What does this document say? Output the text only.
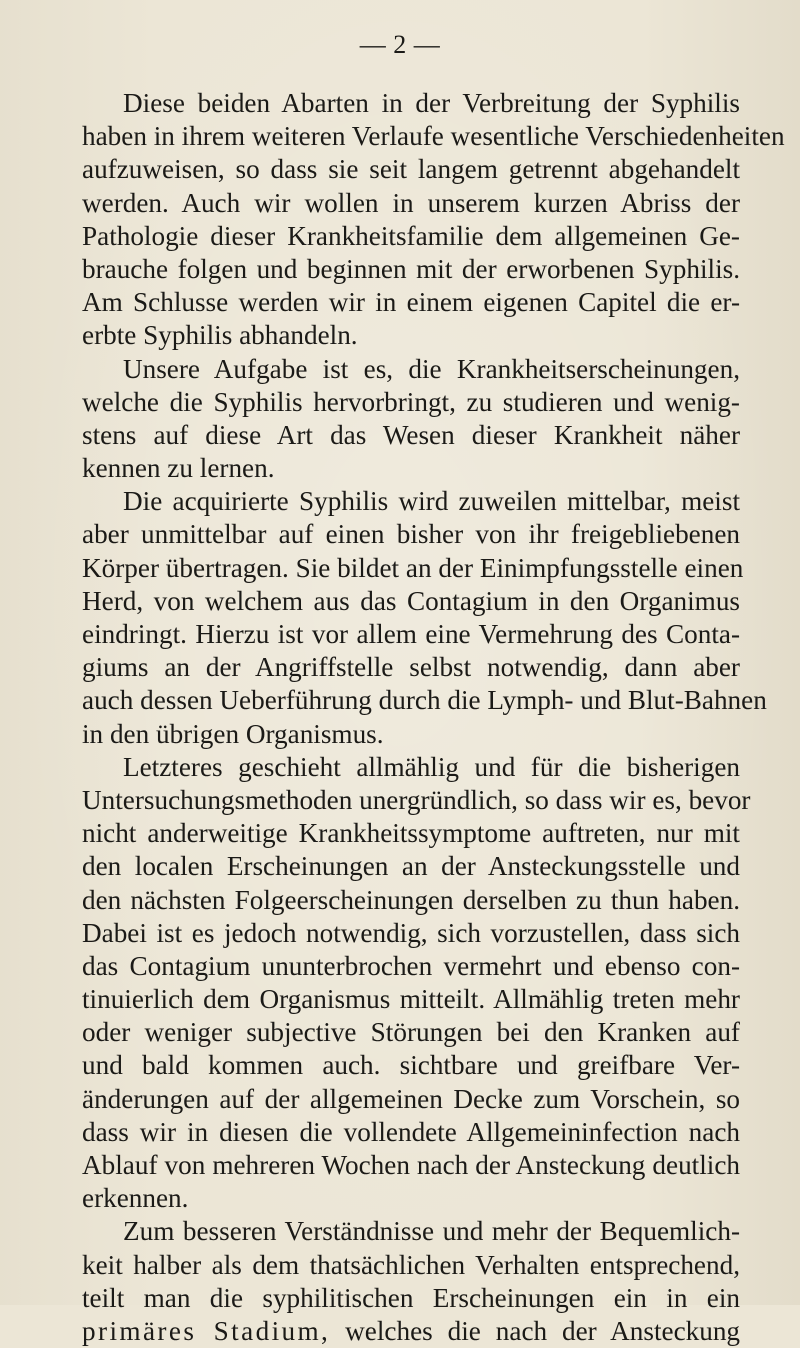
— 2 —
Diese beiden Abarten in der Verbreitung der Syphilis
haben in ihrem weiteren Verlaufe wesentliche Verschiedenheiten
aufzuweisen, so dass sie seit langem getrennt abgehandelt
werden. Auch wir wollen in unserem kurzen Abriss der
Pathologie dieser Krankheitsfamilie dem allgemeinen Ge-
brauche folgen und beginnen mit der erworbenen Syphilis.
Am Schlusse werden wir in einem eigenen Capitel die er-
erbte Syphilis abhandeln.
Unsere Aufgabe ist es, die Krankheitserscheinungen,
welche die Syphilis hervorbringt, zu studieren und wenig-
stens auf diese Art das Wesen dieser Krankheit näher
kennen zu lernen.
Die acquirierte Syphilis wird zuweilen mittelbar, meist
aber unmittelbar auf einen bisher von ihr freigebliebenen
Körper übertragen. Sie bildet an der Einimpfungsstelle einen
Herd, von welchem aus das Contagium in den Organimus
eindringt. Hierzu ist vor allem eine Vermehrung des Conta-
giums an der Angriffstelle selbst notwendig, dann aber
auch dessen Ueberführung durch die Lymph- und Blut-Bahnen
in den übrigen Organismus.
Letzteres geschieht allmählig und für die bisherigen
Untersuchungsmethoden unergründlich, so dass wir es, bevor
nicht anderweitige Krankheitssymptome auftreten, nur mit
den localen Erscheinungen an der Ansteckungsstelle und
den nächsten Folgeerscheinungen derselben zu thun haben.
Dabei ist es jedoch notwendig, sich vorzustellen, dass sich
das Contagium ununterbrochen vermehrt und ebenso con-
tinuierlich dem Organismus mitteilt. Allmählig treten mehr
oder weniger subjective Störungen bei den Kranken auf
und bald kommen auch. sichtbare und greifbare Ver-
änderungen auf der allgemeinen Decke zum Vorschein, so
dass wir in diesen die vollendete Allgemeininfection nach
Ablauf von mehreren Wochen nach der Ansteckung deutlich
erkennen.
Zum besseren Verständnisse und mehr der Bequemlich-
keit halber als dem thatsächlichen Verhalten entsprechend,
teilt man die syphilitischen Erscheinungen ein in ein
primäres Stadium, welches die nach der Ansteckung
